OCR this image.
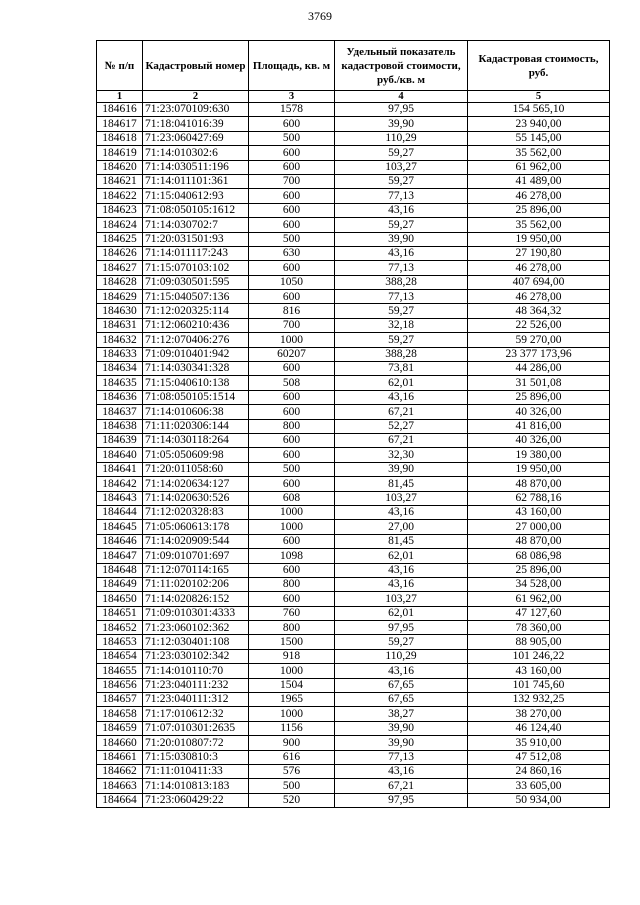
3769
№ п/п	Кадастровый номер	Площадь, кв. м	Удельный показатель кадастровой стоимости, руб./кв. м	Кадастровая стоимость, руб.
1	2	3	4	5
184616	71:23:070109:630	1578	97,95	154 565,10
184617	71:18:041016:39	600	39,90	23 940,00
184618	71:23:060427:69	500	110,29	55 145,00
184619	71:14:010302:6	600	59,27	35 562,00
184620	71:14:030511:196	600	103,27	61 962,00
184621	71:14:011101:361	700	59,27	41 489,00
184622	71:15:040612:93	600	77,13	46 278,00
184623	71:08:050105:1612	600	43,16	25 896,00
184624	71:14:030702:7	600	59,27	35 562,00
184625	71:20:031501:93	500	39,90	19 950,00
184626	71:14:011117:243	630	43,16	27 190,80
184627	71:15:070103:102	600	77,13	46 278,00
184628	71:09:030501:595	1050	388,28	407 694,00
184629	71:15:040507:136	600	77,13	46 278,00
184630	71:12:020325:114	816	59,27	48 364,32
184631	71:12:060210:436	700	32,18	22 526,00
184632	71:12:070406:276	1000	59,27	59 270,00
184633	71:09:010401:942	60207	388,28	23 377 173,96
184634	71:14:030341:328	600	73,81	44 286,00
184635	71:15:040610:138	508	62,01	31 501,08
184636	71:08:050105:1514	600	43,16	25 896,00
184637	71:14:010606:38	600	67,21	40 326,00
184638	71:11:020306:144	800	52,27	41 816,00
184639	71:14:030118:264	600	67,21	40 326,00
184640	71:05:050609:98	600	32,30	19 380,00
184641	71:20:011058:60	500	39,90	19 950,00
184642	71:14:020634:127	600	81,45	48 870,00
184643	71:14:020630:526	608	103,27	62 788,16
184644	71:12:020328:83	1000	43,16	43 160,00
184645	71:05:060613:178	1000	27,00	27 000,00
184646	71:14:020909:544	600	81,45	48 870,00
184647	71:09:010701:697	1098	62,01	68 086,98
184648	71:12:070114:165	600	43,16	25 896,00
184649	71:11:020102:206	800	43,16	34 528,00
184650	71:14:020826:152	600	103,27	61 962,00
184651	71:09:010301:4333	760	62,01	47 127,60
184652	71:23:060102:362	800	97,95	78 360,00
184653	71:12:030401:108	1500	59,27	88 905,00
184654	71:23:030102:342	918	110,29	101 246,22
184655	71:14:010110:70	1000	43,16	43 160,00
184656	71:23:040111:232	1504	67,65	101 745,60
184657	71:23:040111:312	1965	67,65	132 932,25
184658	71:17:010612:32	1000	38,27	38 270,00
184659	71:07:010301:2635	1156	39,90	46 124,40
184660	71:20:010807:72	900	39,90	35 910,00
184661	71:15:030810:3	616	77,13	47 512,08
184662	71:11:010411:33	576	43,16	24 860,16
184663	71:14:010813:183	500	67,21	33 605,00
184664	71:23:060429:22	520	97,95	50 934,00
